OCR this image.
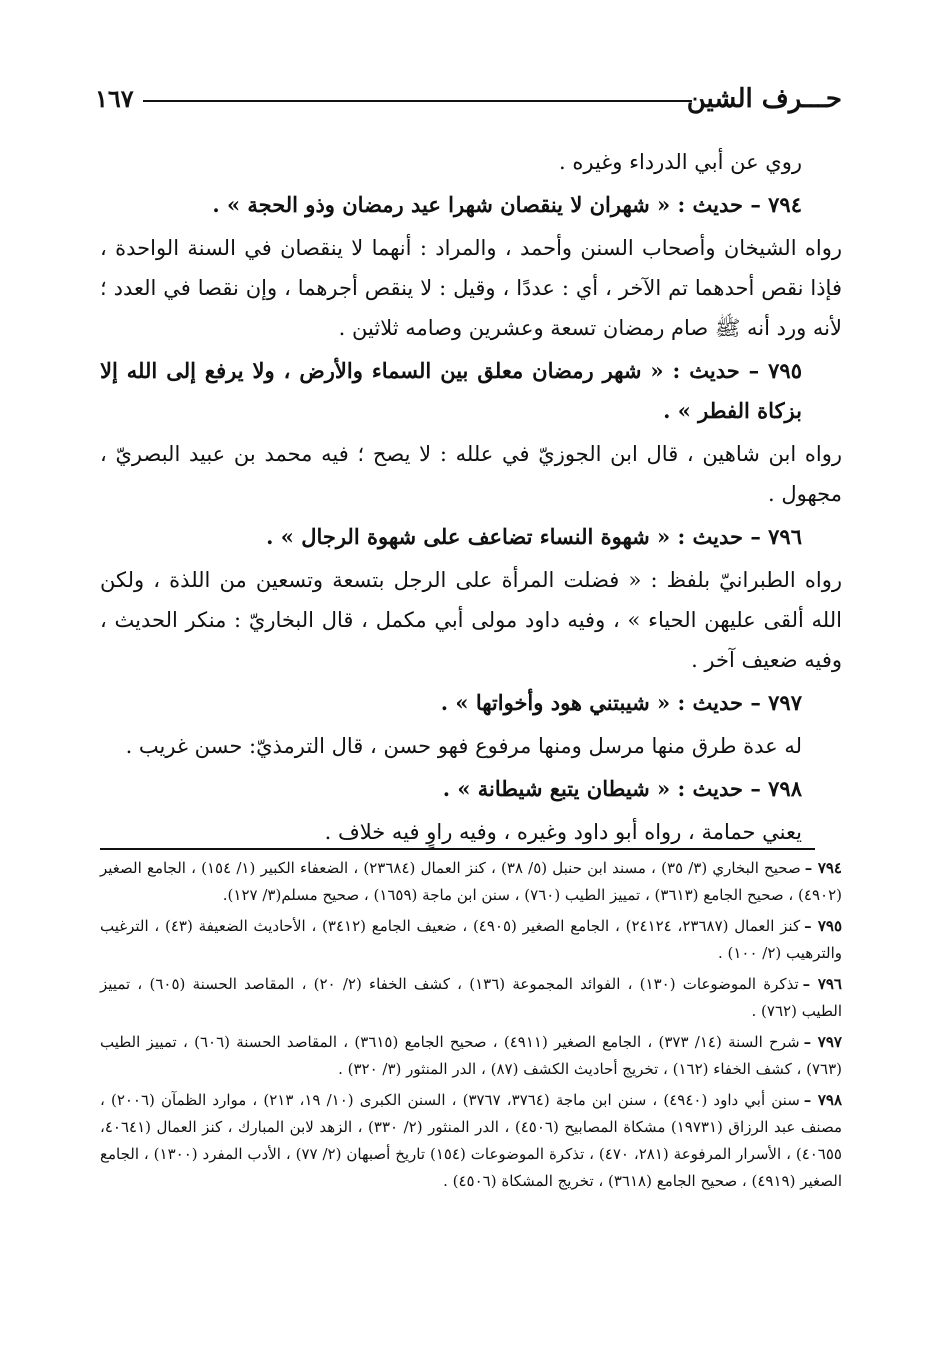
حـــرف الشين
١٦٧

روي عن أبي الدرداء وغيره .

٧٩٤ – حديث : « شهران لا ينقصان شهرا عيد رمضان وذو الحجة » .

رواه الشيخان وأصحاب السنن وأحمد ، والمراد : أنهما لا ينقصان في السنة الواحدة ، فإذا نقص أحدهما تم الآخر ، أي : عددًا ، وقيل : لا ينقص أجرهما ، وإن نقصا في العدد ؛ لأنه ورد أنه ﷺ صام رمضان تسعة وعشرين وصامه ثلاثين .

٧٩٥ – حديث : « شهر رمضان معلق بين السماء والأرض ، ولا يرفع إلى الله إلا بزكاة الفطر » .

رواه ابن شاهين ، قال ابن الجوزيّ في علله : لا يصح ؛ فيه محمد بن عبيد البصريّ ، مجهول .

٧٩٦ – حديث : « شهوة النساء تضاعف على شهوة الرجال » .

رواه الطبرانيّ بلفظ : « فضلت المرأة على الرجل بتسعة وتسعين من اللذة ، ولكن الله ألقى عليهن الحياء » ، وفيه داود مولى أبي مكمل ، قال البخاريّ : منكر الحديث ، وفيه ضعيف آخر .

٧٩٧ – حديث : « شيبتني هود وأخواتها » .

له عدة طرق منها مرسل ومنها مرفوع فهو حسن ، قال الترمذيّ: حسن غريب .

٧٩٨ – حديث : « شيطان يتبع شيطانة » .

يعني حمامة ، رواه أبو داود وغيره ، وفيه راوٍ فيه خلاف .

٧٩٤ –صحيح البخاري (٣/ ٣٥) ، مسند ابن حنبل (٥/ ٣٨) ، كنز العمال (٢٣٦٨٤) ، الضعفاء الكبير (١/ ١٥٤) ، الجامع الصغير (٤٩٠٢) ، صحيح الجامع (٣٦١٣) ، تمييز الطيب (٧٦٠) ، سنن ابن ماجة (١٦٥٩) ، صحيح مسلم(٣/ ١٢٧).

٧٩٥ –كنز العمال (٢٣٦٨٧، ٢٤١٢٤) ، الجامع الصغير (٤٩٠٥) ، ضعيف الجامع (٣٤١٢) ، الأحاديث الضعيفة (٤٣) ، الترغيب والترهيب (٢/ ١٠٠) .

٧٩٦ –تذكرة الموضوعات (١٣٠) ، الفوائد المجموعة (١٣٦) ، كشف الخفاء (٢/ ٢٠) ، المقاصد الحسنة (٦٠٥) ، تمييز الطيب (٧٦٢) .

٧٩٧ –شرح السنة (١٤/ ٣٧٣) ، الجامع الصغير (٤٩١١) ، صحيح الجامع (٣٦١٥) ، المقاصد الحسنة (٦٠٦) ، تمييز الطيب (٧٦٣) ، كشف الخفاء (١٦٢) ، تخريج أحاديث الكشف (٨٧) ، الدر المنثور (٣/ ٣٢٠) .

٧٩٨ –سنن أبي داود (٤٩٤٠) ، سنن ابن ماجة (٣٧٦٤، ٣٧٦٧) ، السنن الكبرى (١٠/ ١٩، ٢١٣) ، موارد الظمآن (٢٠٠٦) ، مصنف عبد الرزاق (١٩٧٣١) مشكاة المصابيح (٤٥٠٦) ، الدر المنثور (٢/ ٣٣٠) ، الزهد لابن المبارك ، كنز العمال (٤٠٦٤١، ٤٠٦٥٥) ، الأسرار المرفوعة (٢٨١، ٤٧٠) ، تذكرة الموضوعات (١٥٤) تاريخ أصبهان (٢/ ٧٧) ، الأدب المفرد (١٣٠٠) ، الجامع الصغير (٤٩١٩) ، صحيح الجامع (٣٦١٨) ، تخريج المشكاة (٤٥٠٦) .
